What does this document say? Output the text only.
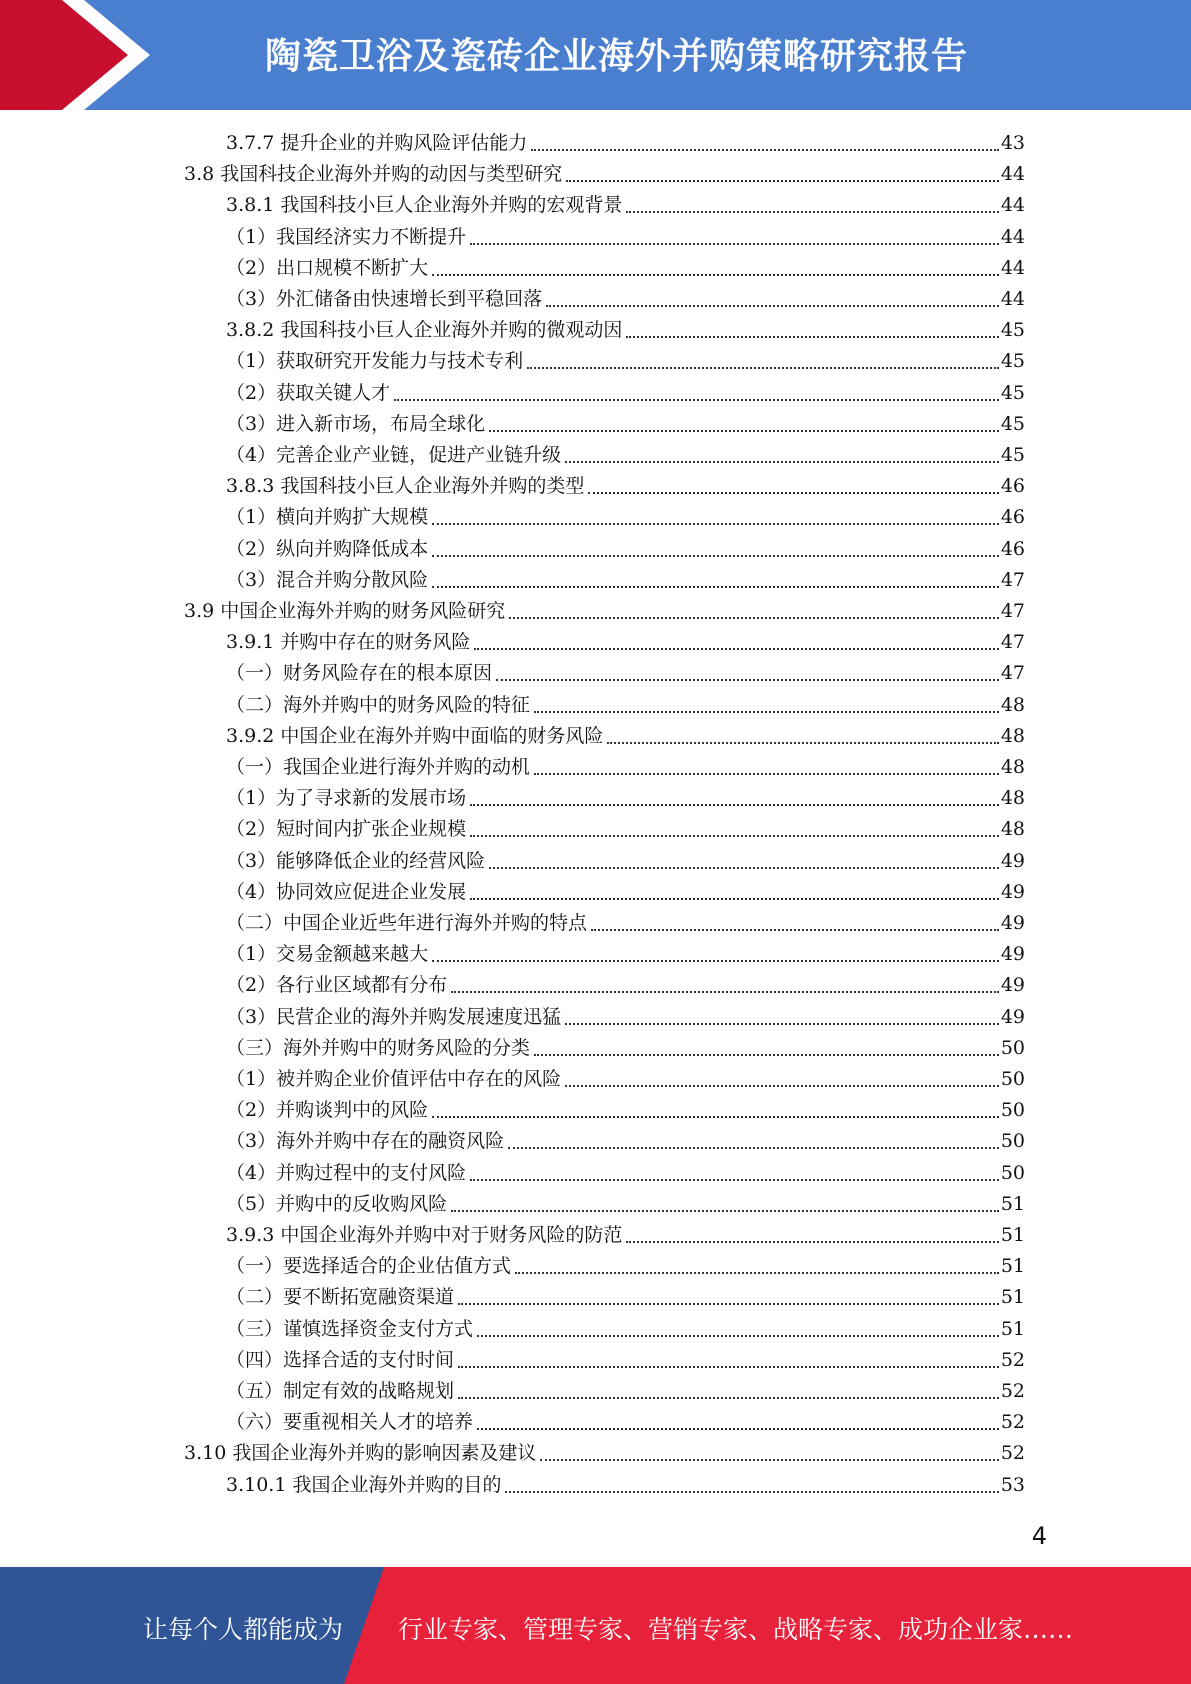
陶瓷卫浴及瓷砖企业海外并购策略研究报告
3.7.7 提升企业的并购风险评估能力	43
3.8 我国科技企业海外并购的动因与类型研究	44
3.8.1 我国科技小巨人企业海外并购的宏观背景	44
（1）我国经济实力不断提升	44
（2）出口规模不断扩大	44
（3）外汇储备由快速增长到平稳回落	44
3.8.2 我国科技小巨人企业海外并购的微观动因	45
（1）获取研究开发能力与技术专利	45
（2）获取关键人才	45
（3）进入新市场，布局全球化	45
（4）完善企业产业链，促进产业链升级	45
3.8.3 我国科技小巨人企业海外并购的类型	46
（1）横向并购扩大规模	46
（2）纵向并购降低成本	46
（3）混合并购分散风险	47
3.9 中国企业海外并购的财务风险研究	47
3.9.1 并购中存在的财务风险	47
（一）财务风险存在的根本原因	47
（二）海外并购中的财务风险的特征	48
3.9.2 中国企业在海外并购中面临的财务风险	48
（一）我国企业进行海外并购的动机	48
（1）为了寻求新的发展市场	48
（2）短时间内扩张企业规模	48
（3）能够降低企业的经营风险	49
（4）协同效应促进企业发展	49
（二）中国企业近些年进行海外并购的特点	49
（1）交易金额越来越大	49
（2）各行业区域都有分布	49
（3）民营企业的海外并购发展速度迅猛	49
（三）海外并购中的财务风险的分类	50
（1）被并购企业价值评估中存在的风险	50
（2）并购谈判中的风险	50
（3）海外并购中存在的融资风险	50
（4）并购过程中的支付风险	50
（5）并购中的反收购风险	51
3.9.3 中国企业海外并购中对于财务风险的防范	51
（一）要选择适合的企业估值方式	51
（二）要不断拓宽融资渠道	51
（三）谨慎选择资金支付方式	51
（四）选择合适的支付时间	52
（五）制定有效的战略规划	52
（六）要重视相关人才的培养	52
3.10 我国企业海外并购的影响因素及建议	52
3.10.1 我国企业海外并购的目的	53
4
让每个人都能成为 行业专家、管理专家、营销专家、战略专家、成功企业家……
